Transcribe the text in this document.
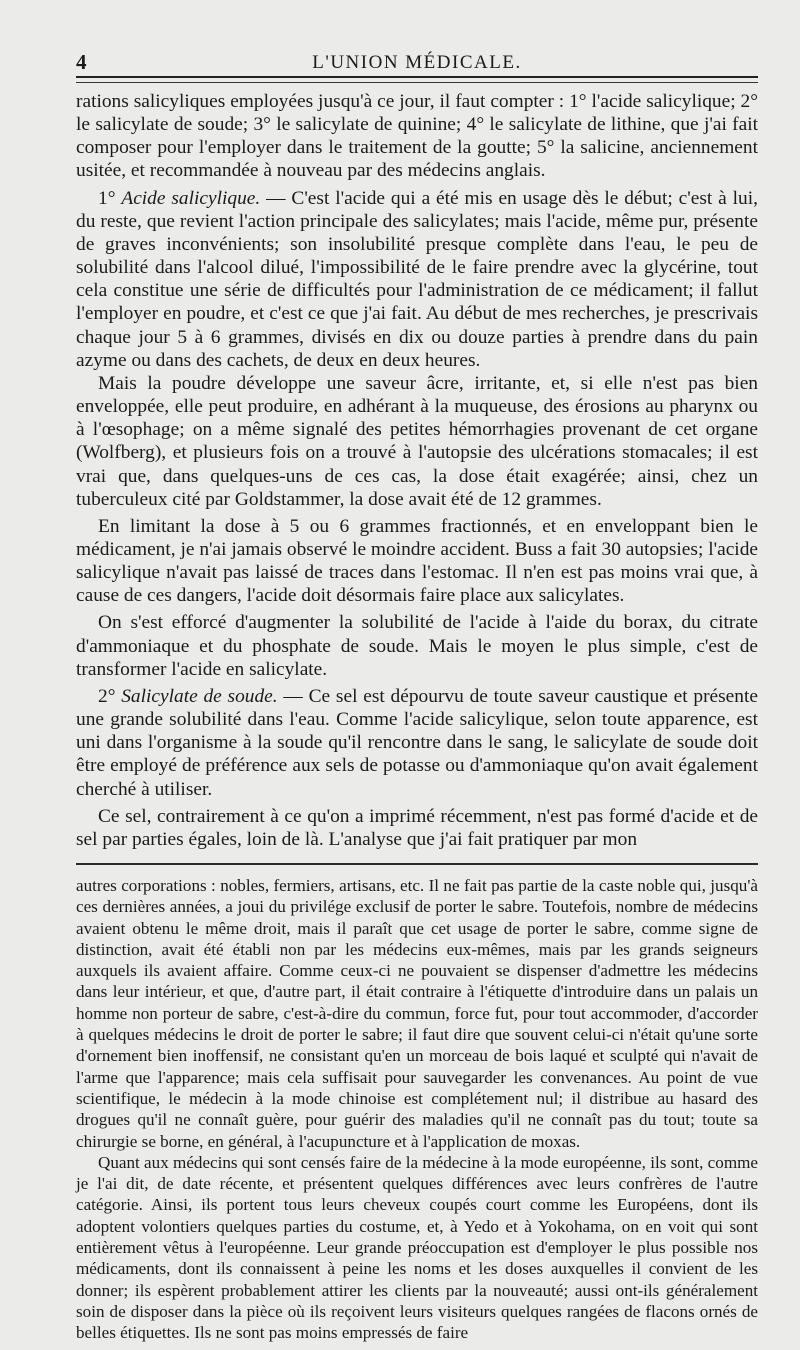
4	L'UNION MÉDICALE.

rations salicyliques employées jusqu'à ce jour, il faut compter : 1° l'acide salicylique; 2° le salicylate de soude; 3° le salicylate de quinine; 4° le salicylate de lithine, que j'ai fait composer pour l'employer dans le traitement de la goutte; 5° la salicine, anciennement usitée, et recommandée à nouveau par des médecins anglais.

1° Acide salicylique. — C'est l'acide qui a été mis en usage dès le début; c'est à lui, du reste, que revient l'action principale des salicylates; mais l'acide, même pur, présente de graves inconvénients; son insolubilité presque complète dans l'eau, le peu de solubilité dans l'alcool dilué, l'impossibilité de le faire prendre avec la glycérine, tout cela constitue une série de difficultés pour l'administration de ce médicament; il fallut l'employer en poudre, et c'est ce que j'ai fait. Au début de mes recherches, je prescrivais chaque jour 5 à 6 grammes, divisés en dix ou douze parties à prendre dans du pain azyme ou dans des cachets, de deux en deux heures.

Mais la poudre développe une saveur âcre, irritante, et, si elle n'est pas bien enveloppée, elle peut produire, en adhérant à la muqueuse, des érosions au pharynx ou à l'œsophage; on a même signalé des petites hémorrhagies provenant de cet organe (Wolfberg), et plusieurs fois on a trouvé à l'autopsie des ulcérations stomacales; il est vrai que, dans quelques-uns de ces cas, la dose était exagérée; ainsi, chez un tuberculeux cité par Goldstammer, la dose avait été de 12 grammes.

En limitant la dose à 5 ou 6 grammes fractionnés, et en enveloppant bien le médicament, je n'ai jamais observé le moindre accident. Buss a fait 30 autopsies; l'acide salicylique n'avait pas laissé de traces dans l'estomac. Il n'en est pas moins vrai que, à cause de ces dangers, l'acide doit désormais faire place aux salicylates.

On s'est efforcé d'augmenter la solubilité de l'acide à l'aide du borax, du citrate d'ammoniaque et du phosphate de soude. Mais le moyen le plus simple, c'est de transformer l'acide en salicylate.

2° Salicylate de soude. — Ce sel est dépourvu de toute saveur caustique et présente une grande solubilité dans l'eau. Comme l'acide salicylique, selon toute apparence, est uni dans l'organisme à la soude qu'il rencontre dans le sang, le salicylate de soude doit être employé de préférence aux sels de potasse ou d'ammoniaque qu'on avait également cherché à utiliser.

Ce sel, contrairement à ce qu'on a imprimé récemment, n'est pas formé d'acide et de sel par parties égales, loin de là. L'analyse que j'ai fait pratiquer par mon

autres corporations : nobles, fermiers, artisans, etc. Il ne fait pas partie de la caste noble qui, jusqu'à ces dernières années, a joui du privilége exclusif de porter le sabre. Toutefois, nombre de médecins avaient obtenu le même droit, mais il paraît que cet usage de porter le sabre, comme signe de distinction, avait été établi non par les médecins eux-mêmes, mais par les grands seigneurs auxquels ils avaient affaire. Comme ceux-ci ne pouvaient se dispenser d'admettre les médecins dans leur intérieur, et que, d'autre part, il était contraire à l'étiquette d'introduire dans un palais un homme non porteur de sabre, c'est-à-dire du commun, force fut, pour tout accommoder, d'accorder à quelques médecins le droit de porter le sabre; il faut dire que souvent celui-ci n'était qu'une sorte d'ornement bien inoffensif, ne consistant qu'en un morceau de bois laqué et sculpté qui n'avait de l'arme que l'apparence; mais cela suffisait pour sauvegarder les convenances. Au point de vue scientifique, le médecin à la mode chinoise est complétement nul; il distribue au hasard des drogues qu'il ne connaît guère, pour guérir des maladies qu'il ne connaît pas du tout; toute sa chirurgie se borne, en général, à l'acupuncture et à l'application de moxas.

Quant aux médecins qui sont censés faire de la médecine à la mode européenne, ils sont, comme je l'ai dit, de date récente, et présentent quelques différences avec leurs confrères de l'autre catégorie. Ainsi, ils portent tous leurs cheveux coupés court comme les Européens, dont ils adoptent volontiers quelques parties du costume, et, à Yedo et à Yokohama, on en voit qui sont entièrement vêtus à l'européenne. Leur grande préoccupation est d'employer le plus possible nos médicaments, dont ils connaissent à peine les noms et les doses auxquelles il convient de les donner; ils espèrent probablement attirer les clients par la nouveauté; aussi ont-ils généralement soin de disposer dans la pièce où ils reçoivent leurs visiteurs quelques rangées de flacons ornés de belles étiquettes. Ils ne sont pas moins empressés de faire
